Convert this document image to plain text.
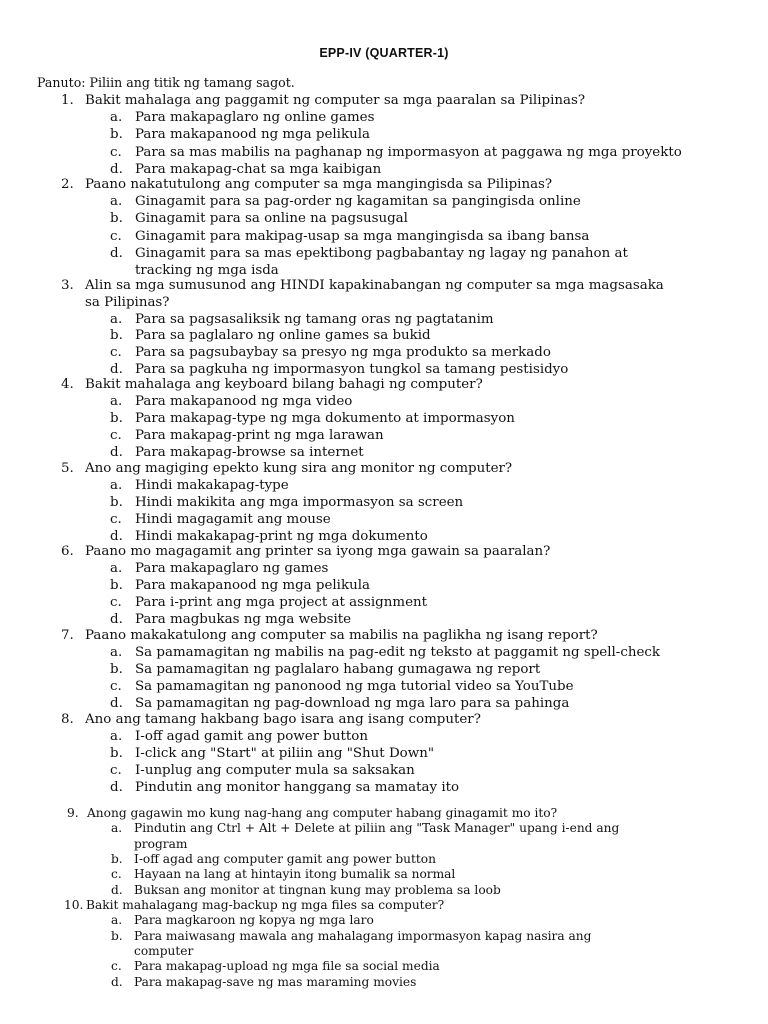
EPP-IV (QUARTER-1)
Panuto: Piliin ang titik ng tamang sagot.
1. Bakit mahalaga ang paggamit ng computer sa mga paaralan sa Pilipinas?
a. Para makapaglaro ng online games
b. Para makapanood ng mga pelikula
c. Para sa mas mabilis na paghanap ng impormasyon at paggawa ng mga proyekto
d. Para makapag-chat sa mga kaibigan
2. Paano nakatutulong ang computer sa mga mangingisda sa Pilipinas?
a. Ginagamit para sa pag-order ng kagamitan sa pangingisda online
b. Ginagamit para sa online na pagsusugal
c. Ginagamit para makipag-usap sa mga mangingisda sa ibang bansa
d. Ginagamit para sa mas epektibong pagbabantay ng lagay ng panahon at
tracking ng mga isda
3. Alin sa mga sumusunod ang HINDI kapakinabangan ng computer sa mga magsasaka
sa Pilipinas?
a. Para sa pagsasaliksik ng tamang oras ng pagtatanim
b. Para sa paglalaro ng online games sa bukid
c. Para sa pagsubaybay sa presyo ng mga produkto sa merkado
d. Para sa pagkuha ng impormasyon tungkol sa tamang pestisidyo
4. Bakit mahalaga ang keyboard bilang bahagi ng computer?
a. Para makapanood ng mga video
b. Para makapag-type ng mga dokumento at impormasyon
c. Para makapag-print ng mga larawan
d. Para makapag-browse sa internet
5. Ano ang magiging epekto kung sira ang monitor ng computer?
a. Hindi makakapag-type
b. Hindi makikita ang mga impormasyon sa screen
c. Hindi magagamit ang mouse
d. Hindi makakapag-print ng mga dokumento
6. Paano mo magagamit ang printer sa iyong mga gawain sa paaralan?
a. Para makapaglaro ng games
b. Para makapanood ng mga pelikula
c. Para i-print ang mga project at assignment
d. Para magbukas ng mga website
7. Paano makakatulong ang computer sa mabilis na paglikha ng isang report?
a. Sa pamamagitan ng mabilis na pag-edit ng teksto at paggamit ng spell-check
b. Sa pamamagitan ng paglalaro habang gumagawa ng report
c. Sa pamamagitan ng panonood ng mga tutorial video sa YouTube
d. Sa pamamagitan ng pag-download ng mga laro para sa pahinga
8. Ano ang tamang hakbang bago isara ang isang computer?
a. I-off agad gamit ang power button
b. I-click ang "Start" at piliin ang "Shut Down"
c. I-unplug ang computer mula sa saksakan
d. Pindutin ang monitor hanggang sa mamatay ito
9. Anong gagawin mo kung nag-hang ang computer habang ginagamit mo ito?
a. Pindutin ang Ctrl + Alt + Delete at piliin ang "Task Manager" upang i-end ang
program
b. I-off agad ang computer gamit ang power button
c. Hayaan na lang at hintayin itong bumalik sa normal
d. Buksan ang monitor at tingnan kung may problema sa loob
10. Bakit mahalagang mag-backup ng mga files sa computer?
a. Para magkaroon ng kopya ng mga laro
b. Para maiwasang mawala ang mahalagang impormasyon kapag nasira ang
computer
c. Para makapag-upload ng mga file sa social media
d. Para makapag-save ng mas maraming movies
